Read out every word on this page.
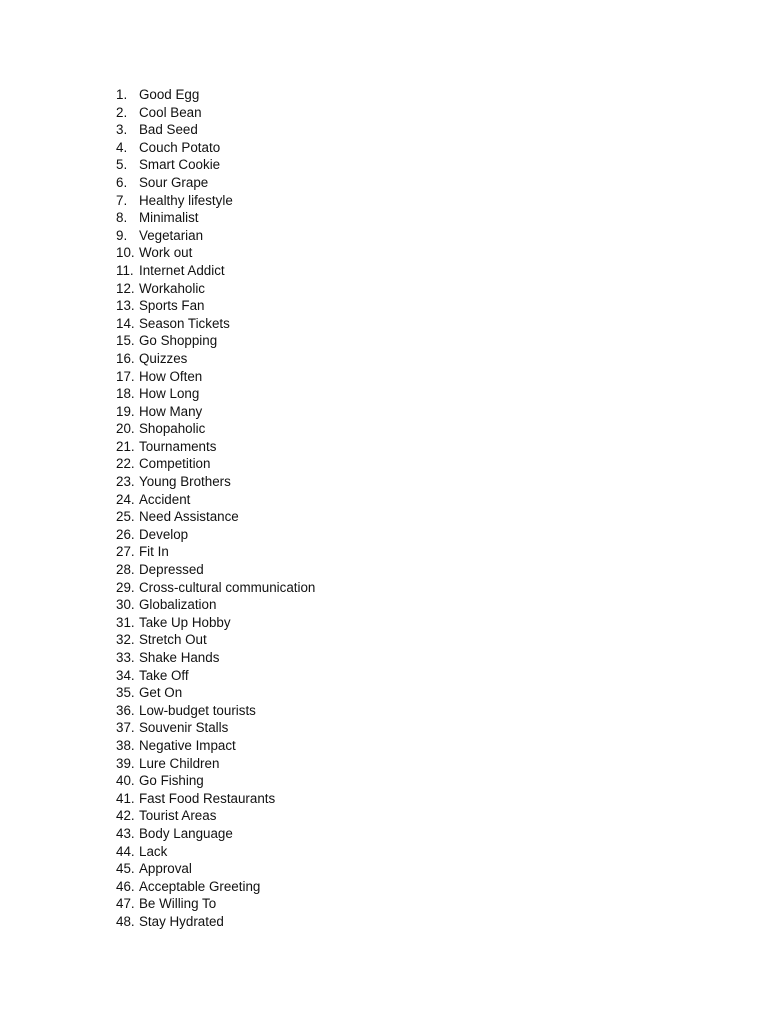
1. Good Egg
2. Cool Bean
3. Bad Seed
4. Couch Potato
5. Smart Cookie
6. Sour Grape
7. Healthy lifestyle
8. Minimalist
9. Vegetarian
10. Work out
11. Internet Addict
12. Workaholic
13. Sports Fan
14. Season Tickets
15. Go Shopping
16. Quizzes
17. How Often
18. How Long
19. How Many
20. Shopaholic
21. Tournaments
22. Competition
23. Young Brothers
24. Accident
25. Need Assistance
26. Develop
27. Fit In
28. Depressed
29. Cross-cultural communication
30. Globalization
31. Take Up Hobby
32. Stretch Out
33. Shake Hands
34. Take Off
35. Get On
36. Low-budget tourists
37. Souvenir Stalls
38. Negative Impact
39. Lure Children
40. Go Fishing
41. Fast Food Restaurants
42. Tourist Areas
43. Body Language
44. Lack
45. Approval
46. Acceptable Greeting
47. Be Willing To
48. Stay Hydrated
